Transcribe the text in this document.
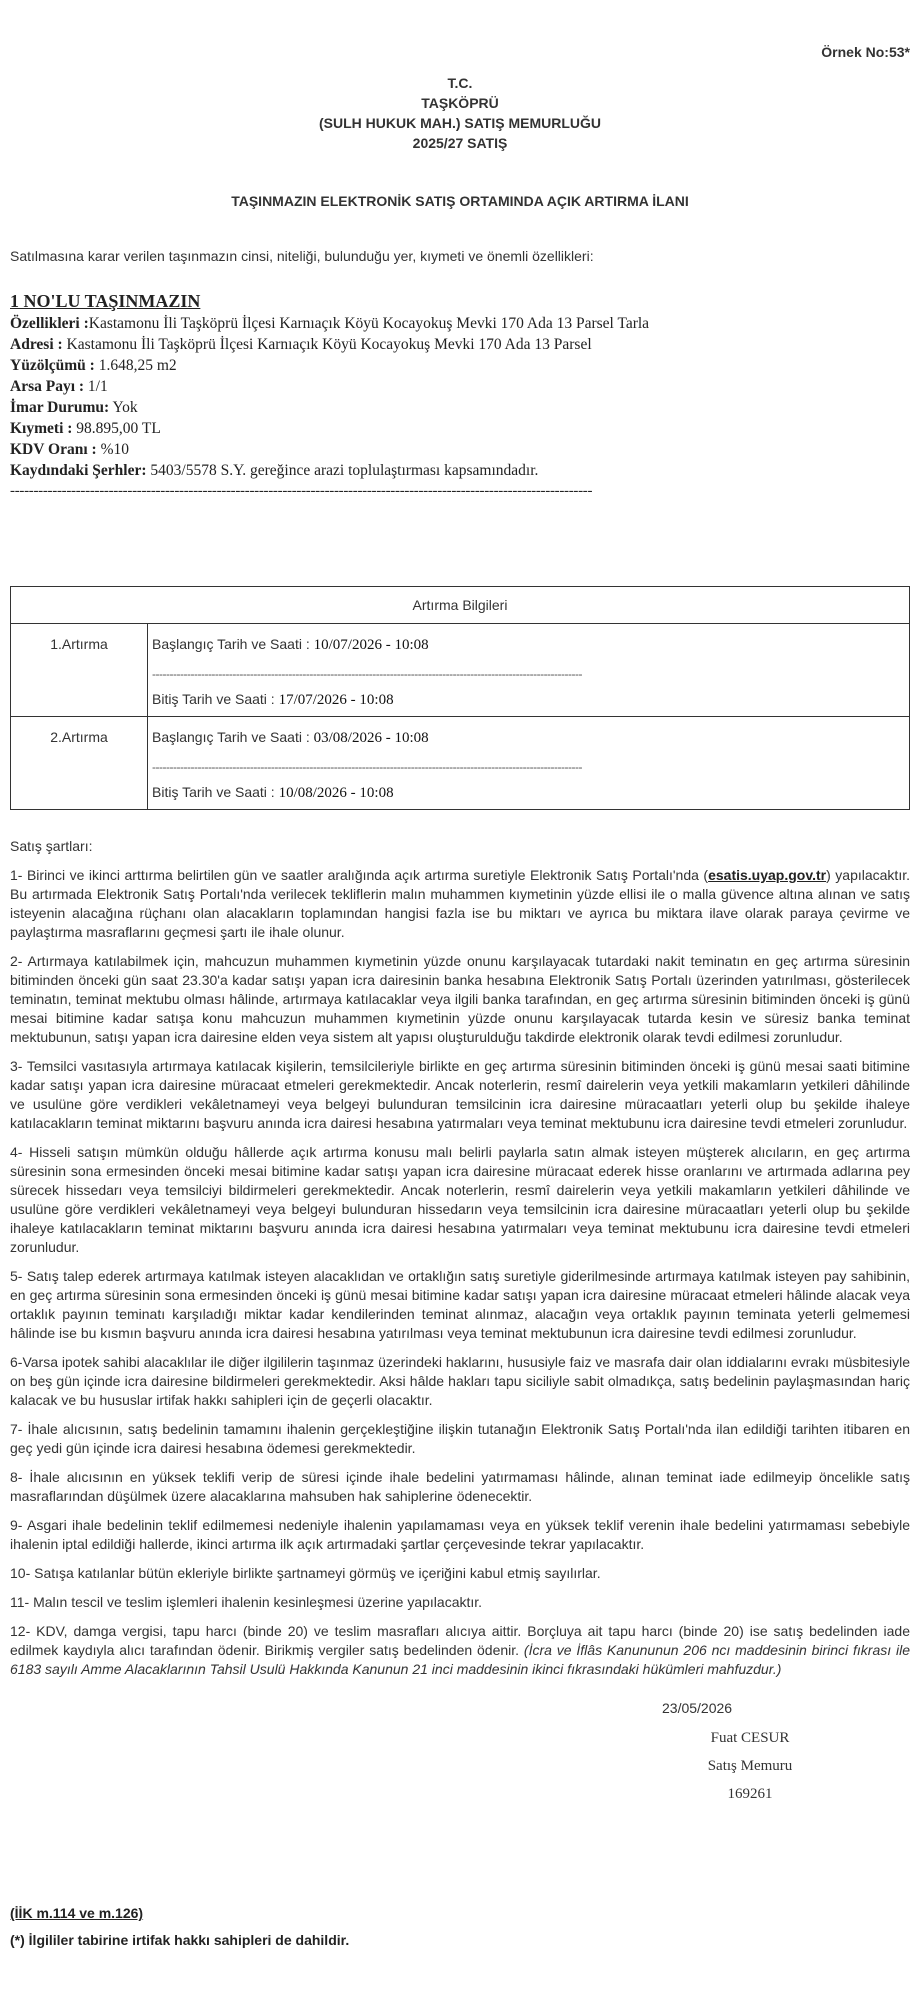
Örnek No:53*
T.C.
TAŞKÖPRÜ
(SULH HUKUK MAH.) SATIŞ MEMURLUĞU
2025/27 SATIŞ
TAŞINMAZIN ELEKTRONİK SATIŞ ORTAMINDA AÇIK ARTIRMA İLANI
Satılmasına karar verilen taşınmazın cinsi, niteliği, bulunduğu yer, kıymeti ve önemli özellikleri:
1 NO'LU TAŞINMAZIN
Özellikleri :Kastamonu İli Taşköprü İlçesi Karnıaçık Köyü Kocayokuş Mevki 170 Ada 13 Parsel Tarla
Adresi : Kastamonu İli Taşköprü İlçesi Karnıaçık Köyü Kocayokuş Mevki 170 Ada 13 Parsel
Yüzölçümü : 1.648,25 m2
Arsa Payı : 1/1
İmar Durumu: Yok
Kıymeti : 98.895,00 TL
KDV Oranı : %10
Kaydındaki Şerhler: 5403/5578 S.Y. gereğince arazi toplulaştırması kapsamındadır.
----------------------------------------------------------------------------------------------------------------------------
Artırma Bilgileri	
1.Artırma	Başlangıç Tarih ve Saati : 10/07/2026 - 10:08
---------------------------------------------------------------------------------------------------------------------------
Bitiş Tarih ve Saati : 17/07/2026 - 10:08

2.Artırma	Başlangıç Tarih ve Saati : 03/08/2026 - 10:08
---------------------------------------------------------------------------------------------------------------------------
Bitiş Tarih ve Saati : 10/08/2026 - 10:08
Satış şartları:

1- Birinci ve ikinci arttırma belirtilen gün ve saatler aralığında açık artırma suretiyle Elektronik Satış Portalı'nda (esatis.uyap.gov.tr) yapılacaktır. Bu artırmada Elektronik Satış Portalı'nda verilecek tekliflerin malın muhammen kıymetinin yüzde ellisi ile o malla güvence altına alınan ve satış isteyenin alacağına rüçhanı olan alacakların toplamından hangisi fazla ise bu miktarı ve ayrıca bu miktara ilave olarak paraya çevirme ve paylaştırma masraflarını geçmesi şartı ile ihale olunur.

2- Artırmaya katılabilmek için, mahcuzun muhammen kıymetinin yüzde onunu karşılayacak tutardaki nakit teminatın en geç artırma süresinin bitiminden önceki gün saat 23.30'a kadar satışı yapan icra dairesinin banka hesabına Elektronik Satış Portalı üzerinden yatırılması, gösterilecek teminatın, teminat mektubu olması hâlinde, artırmaya katılacaklar veya ilgili banka tarafından, en geç artırma süresinin bitiminden önceki iş günü mesai bitimine kadar satışa konu mahcuzun muhammen kıymetinin yüzde onunu karşılayacak tutarda kesin ve süresiz banka teminat mektubunun, satışı yapan icra dairesine elden veya sistem alt yapısı oluşturulduğu takdirde elektronik olarak tevdi edilmesi zorunludur.

3- Temsilci vasıtasıyla artırmaya katılacak kişilerin, temsilcileriyle birlikte en geç artırma süresinin bitiminden önceki iş günü mesai saati bitimine kadar satışı yapan icra dairesine müracaat etmeleri gerekmektedir. Ancak noterlerin, resmî dairelerin veya yetkili makamların yetkileri dâhilinde ve usulüne göre verdikleri vekâletnameyi veya belgeyi bulunduran temsilcinin icra dairesine müracaatları yeterli olup bu şekilde ihaleye katılacakların teminat miktarını başvuru anında icra dairesi hesabına yatırmaları veya teminat mektubunu icra dairesine tevdi etmeleri zorunludur.

4- Hisseli satışın mümkün olduğu hâllerde açık artırma konusu malı belirli paylarla satın almak isteyen müşterek alıcıların, en geç artırma süresinin sona ermesinden önceki mesai bitimine kadar satışı yapan icra dairesine müracaat ederek hisse oranlarını ve artırmada adlarına pey sürecek hissedarı veya temsilciyi bildirmeleri gerekmektedir. Ancak noterlerin, resmî dairelerin veya yetkili makamların yetkileri dâhilinde ve usulüne göre verdikleri vekâletnameyi veya belgeyi bulunduran hissedarın veya temsilcinin icra dairesine müracaatları yeterli olup bu şekilde ihaleye katılacakların teminat miktarını başvuru anında icra dairesi hesabına yatırmaları veya teminat mektubunu icra dairesine tevdi etmeleri zorunludur.

5- Satış talep ederek artırmaya katılmak isteyen alacaklıdan ve ortaklığın satış suretiyle giderilmesinde artırmaya katılmak isteyen pay sahibinin, en geç artırma süresinin sona ermesinden önceki iş günü mesai bitimine kadar satışı yapan icra dairesine müracaat etmeleri hâlinde alacak veya ortaklık payının teminatı karşıladığı miktar kadar kendilerinden teminat alınmaz, alacağın veya ortaklık payının teminata yeterli gelmemesi hâlinde ise bu kısmın başvuru anında icra dairesi hesabına yatırılması veya teminat mektubunun icra dairesine tevdi edilmesi zorunludur.

6-Varsa ipotek sahibi alacaklılar ile diğer ilgililerin taşınmaz üzerindeki haklarını, hususiyle faiz ve masrafa dair olan iddialarını evrakı müsbitesiyle on beş gün içinde icra dairesine bildirmeleri gerekmektedir. Aksi hâlde hakları tapu siciliyle sabit olmadıkça, satış bedelinin paylaşmasından hariç kalacak ve bu hususlar irtifak hakkı sahipleri için de geçerli olacaktır.

7- İhale alıcısının, satış bedelinin tamamını ihalenin gerçekleştiğine ilişkin tutanağın Elektronik Satış Portalı'nda ilan edildiği tarihten itibaren en geç yedi gün içinde icra dairesi hesabına ödemesi gerekmektedir.

8- İhale alıcısının en yüksek teklifi verip de süresi içinde ihale bedelini yatırmaması hâlinde, alınan teminat iade edilmeyip öncelikle satış masraflarından düşülmek üzere alacaklarına mahsuben hak sahiplerine ödenecektir.

9- Asgari ihale bedelinin teklif edilmemesi nedeniyle ihalenin yapılamaması veya en yüksek teklif verenin ihale bedelini yatırmaması sebebiyle ihalenin iptal edildiği hallerde, ikinci artırma ilk açık artırmadaki şartlar çerçevesinde tekrar yapılacaktır.

10- Satışa katılanlar bütün ekleriyle birlikte şartnameyi görmüş ve içeriğini kabul etmiş sayılırlar.

11- Malın tescil ve teslim işlemleri ihalenin kesinleşmesi üzerine yapılacaktır.

12- KDV, damga vergisi, tapu harcı (binde 20) ve teslim masrafları alıcıya aittir. Borçluya ait tapu harcı (binde 20) ise satış bedelinden iade edilmek kaydıyla alıcı tarafından ödenir. Birikmiş vergiler satış bedelinden ödenir. (İcra ve İflâs Kanununun 206 ncı maddesinin birinci fıkrası ile 6183 sayılı Amme Alacaklarının Tahsil Usulü Hakkında Kanunun 21 inci maddesinin ikinci fıkrasındaki hükümleri mahfuzdur.)

23/05/2026
Fuat CESUR
Satış Memuru
169261
(İİK m.114 ve m.126)
(*) İlgililer tabirine irtifak hakkı sahipleri de dahildir.
